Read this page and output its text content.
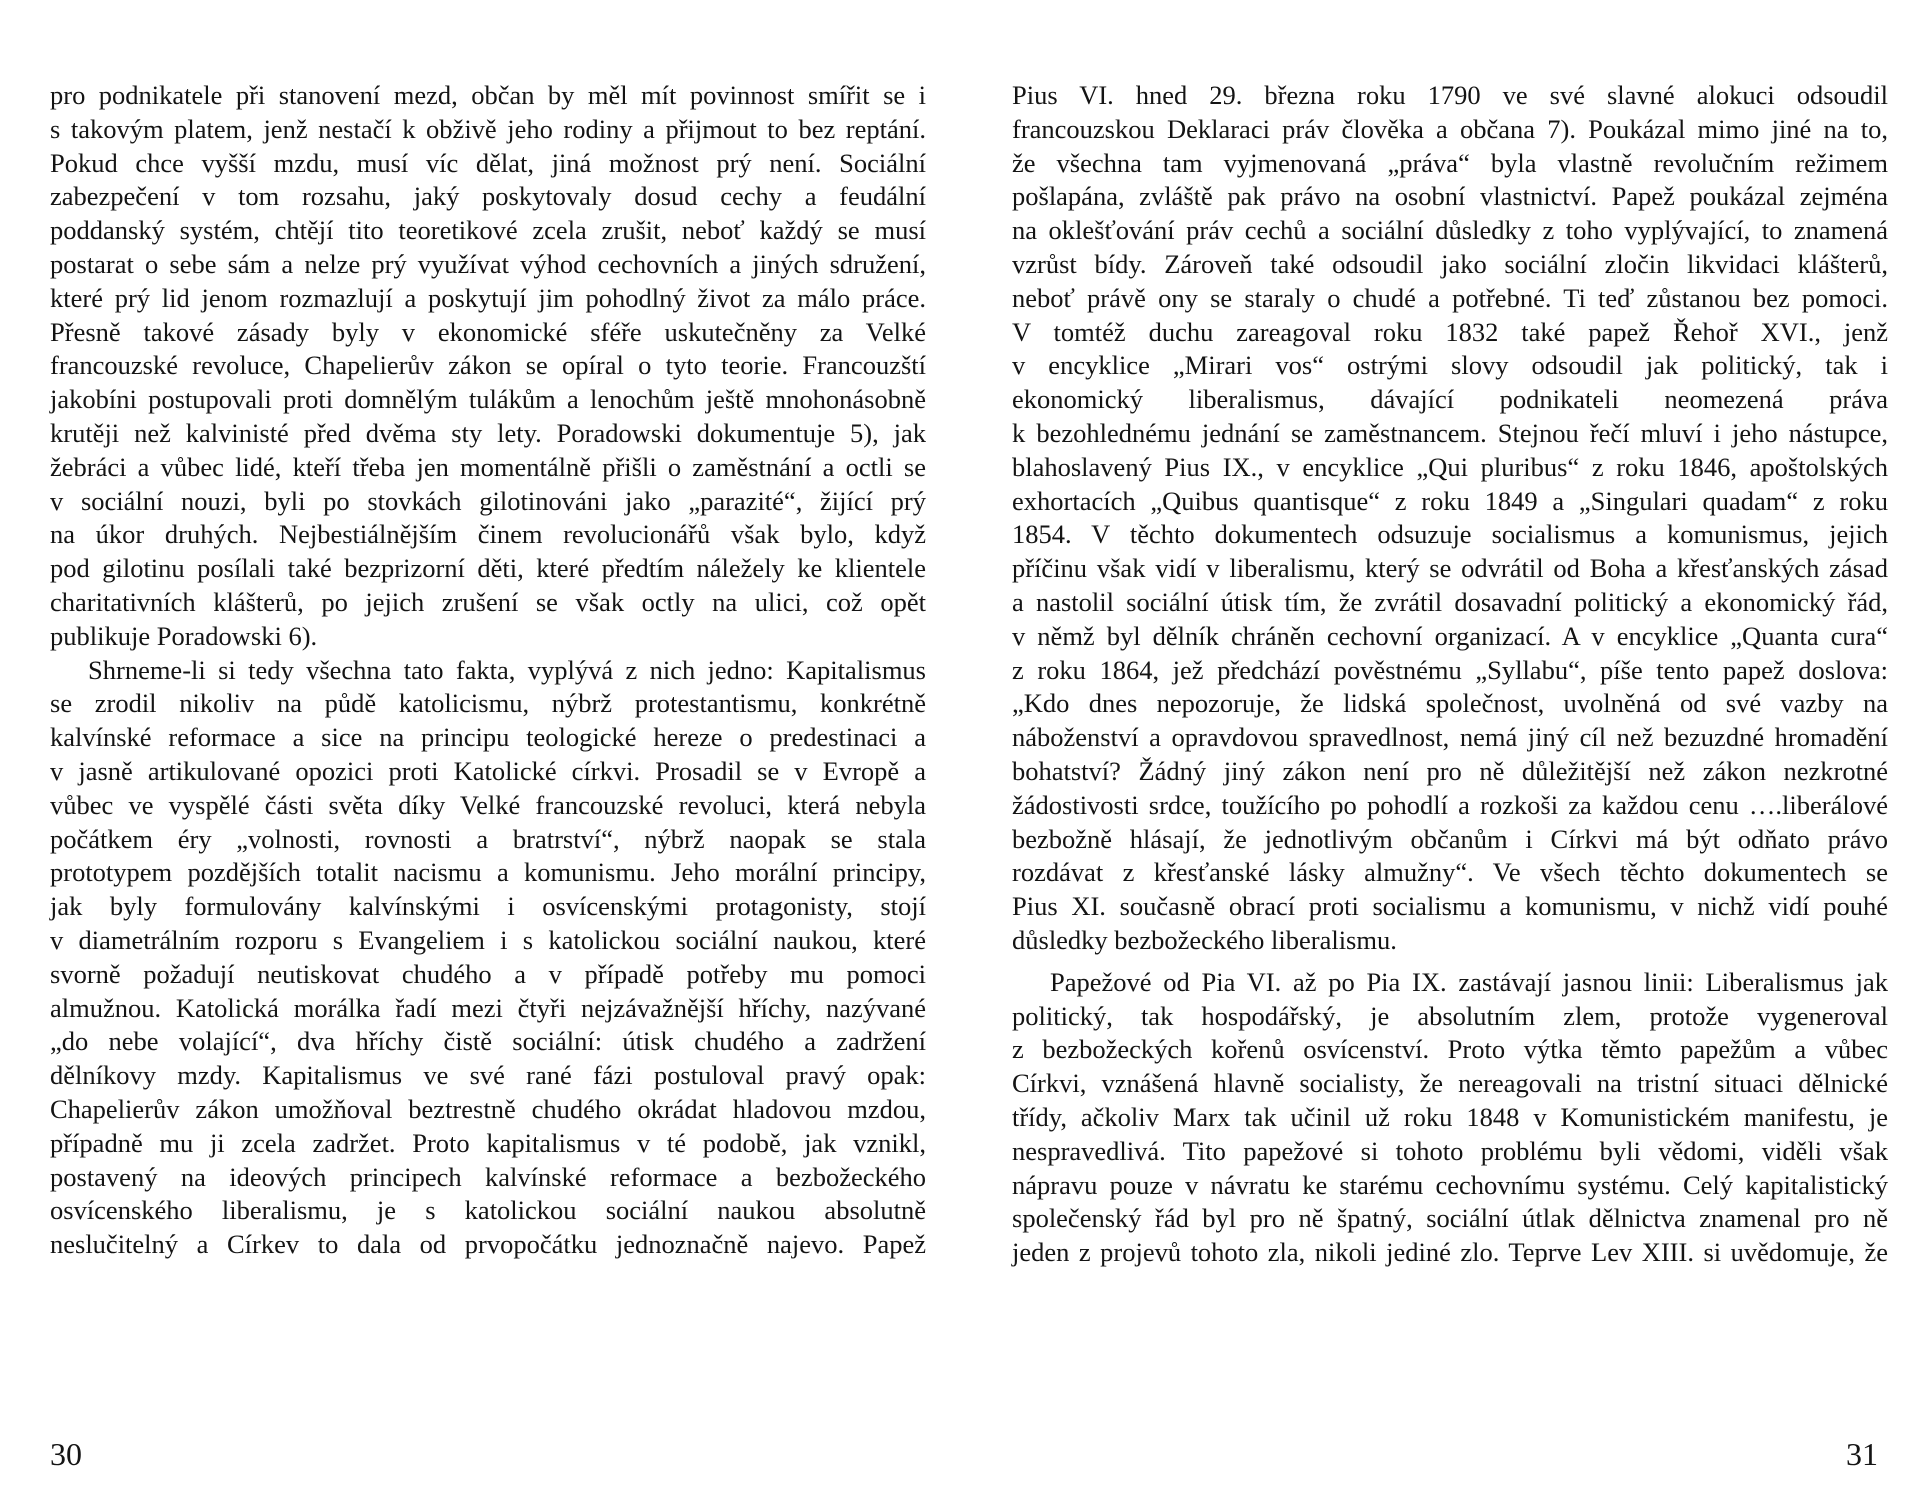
pro podnikatele při stanovení mezd, občan by měl mít povinnost smířit se i
s takovým platem, jenž nestačí k obživě jeho rodiny a přijmout to bez reptání.
Pokud chce vyšší mzdu, musí víc dělat, jiná možnost prý není. Sociální
zabezpečení v tom rozsahu, jaký poskytovaly dosud cechy a feudální
poddanský systém, chtějí tito teoretikové zcela zrušit, neboť každý se musí
postarat o sebe sám a nelze prý využívat výhod cechovních a jiných sdružení,
které prý lid jenom rozmazlují a poskytují jim pohodlný život za málo práce.
Přesně takové zásady byly v ekonomické sféře uskutečněny za Velké
francouzské revoluce, Chapelierův zákon se opíral o tyto teorie. Francouzští
jakobíni postupovali proti domnělým tulákům a lenochům ještě mnohonásobně
krutěji než kalvinisté před dvěma sty lety. Poradowski dokumentuje 5), jak
žebráci a vůbec lidé, kteří třeba jen momentálně přišli o zaměstnání a octli se
v sociální nouzi, byli po stovkách gilotinováni jako „parazité“, žijící prý
na úkor druhých. Nejbestiálnějším činem revolucionářů však bylo, když
pod gilotinu posílali také bezprizorní děti, které předtím náležely ke klientele
charitativních klášterů, po jejich zrušení se však octly na ulici, což opět
publikuje Poradowski 6).
Shrneme-li si tedy všechna tato fakta, vyplývá z nich jedno: Kapitalismus
se zrodil nikoliv na půdě katolicismu, nýbrž protestantismu, konkrétně
kalvínské reformace a sice na principu teologické hereze o predestinaci a
v jasně artikulované opozici proti Katolické církvi. Prosadil se v Evropě a
vůbec ve vyspělé části světa díky Velké francouzské revoluci, která nebyla
počátkem éry „volnosti, rovnosti a bratrství“, nýbrž naopak se stala
prototypem pozdějších totalit nacismu a komunismu. Jeho morální principy,
jak byly formulovány kalvínskými i osvícenskými protagonisty, stojí
v diametrálním rozporu s Evangeliem i s katolickou sociální naukou, které
svorně požadují neutiskovat chudého a v případě potřeby mu pomoci
almužnou. Katolická morálka řadí mezi čtyři nejzávažnější hříchy, nazývané
„do nebe volající“, dva hříchy čistě sociální: útisk chudého a zadržení
dělníkovy mzdy. Kapitalismus ve své rané fázi postuloval pravý opak:
Chapelierův zákon umožňoval beztrestně chudého okrádat hladovou mzdou,
případně mu ji zcela zadržet. Proto kapitalismus v té podobě, jak vznikl,
postavený na ideových principech kalvínské reformace a bezbožeckého
osvícenského liberalismu, je s katolickou sociální naukou absolutně
neslučitelný a Církev to dala od prvopočátku jednoznačně najevo. Papež
30
Pius VI. hned 29. března roku 1790 ve své slavné alokuci odsoudil
francouzskou Deklaraci práv člověka a občana 7). Poukázal mimo jiné na to,
že všechna tam vyjmenovaná „práva“ byla vlastně revolučním režimem
pošlapána, zvláště pak právo na osobní vlastnictví. Papež poukázal zejména
na oklešťování práv cechů a sociální důsledky z toho vyplývající, to znamená
vzrůst bídy. Zároveň také odsoudil jako sociální zločin likvidaci klášterů,
neboť právě ony se staraly o chudé a potřebné. Ti teď zůstanou bez pomoci.
V tomtéž duchu zareagoval roku 1832 také papež Řehoř XVI., jenž
v encyklice „Mirari vos“ ostrými slovy odsoudil jak politický, tak i
ekonomický liberalismus, dávající podnikateli neomezená práva
k bezohlednému jednání se zaměstnancem. Stejnou řečí mluví i jeho nástupce,
blahoslavený Pius IX., v encyklice „Qui pluribus“ z roku 1846, apoštolských
exhortacích „Quibus quantisque“ z roku 1849 a „Singulari quadam“ z roku
1854. V těchto dokumentech odsuzuje socialismus a komunismus, jejich
příčinu však vidí v liberalismu, který se odvrátil od Boha a křesťanských zásad
a nastolil sociální útisk tím, že zvrátil dosavadní politický a ekonomický řád,
v němž byl dělník chráněn cechovní organizací. A v encyklice „Quanta cura“
z roku 1864, jež předchází pověstnému „Syllabu“, píše tento papež doslova:
„Kdo dnes nepozoruje, že lidská společnost, uvolněná od své vazby na
náboženství a opravdovou spravedlnost, nemá jiný cíl než bezuzdné hromadění
bohatství? Žádný jiný zákon není pro ně důležitější než zákon nezkrotné
žádostivosti srdce, toužícího po pohodlí a rozkoši za každou cenu ….liberálové
bezbožně hlásají, že jednotlivým občanům i Církvi má být odňato právo
rozdávat z křesťanské lásky almužny“. Ve všech těchto dokumentech se
Pius XI. současně obrací proti socialismu a komunismu, v nichž vidí pouhé
důsledky bezbožeckého liberalismu.
Papežové od Pia VI. až po Pia IX. zastávají jasnou linii: Liberalismus jak
politický, tak hospodářský, je absolutním zlem, protože vygeneroval
z bezbožeckých kořenů osvícenství. Proto výtka těmto papežům a vůbec
Církvi, vznášená hlavně socialisty, že nereagovali na tristní situaci dělnické
třídy, ačkoliv Marx tak učinil už roku 1848 v Komunistickém manifestu, je
nespravedlivá. Tito papežové si tohoto problému byli vědomi, viděli však
nápravu pouze v návratu ke starému cechovnímu systému. Celý kapitalistický
společenský řád byl pro ně špatný, sociální útlak dělnictva znamenal pro ně
jeden z projevů tohoto zla, nikoli jediné zlo. Teprve Lev XIII. si uvědomuje, že
31
